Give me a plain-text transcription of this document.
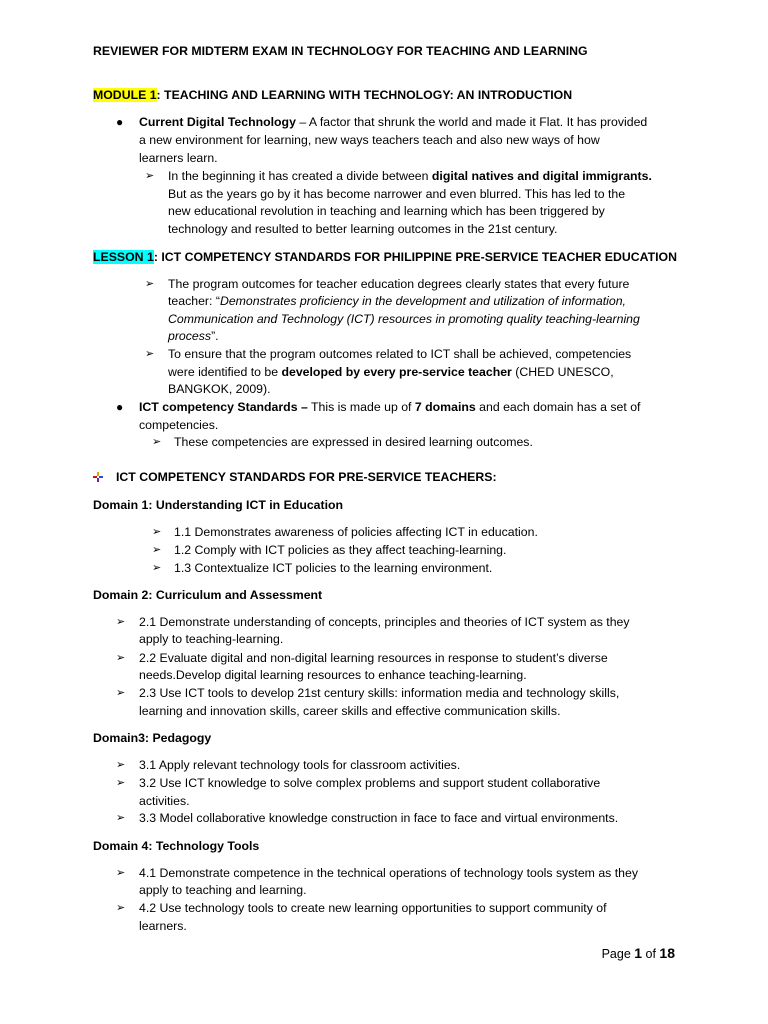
REVIEWER FOR MIDTERM EXAM IN TECHNOLOGY FOR TEACHING AND LEARNING
MODULE 1: TEACHING AND LEARNING WITH TECHNOLOGY: AN INTRODUCTION
● Current Digital Technology – A factor that shrunk the world and made it Flat. It has provided
a new environment for learning, new ways teachers teach and also new ways of how
learners learn.
➢ In the beginning it has created a divide between digital natives and digital immigrants.
But as the years go by it has become narrower and even blurred. This has led to the
new educational revolution in teaching and learning which has been triggered by
technology and resulted to better learning outcomes in the 21st century.
LESSON 1: ICT COMPETENCY STANDARDS FOR PHILIPPINE PRE-SERVICE TEACHER EDUCATION
➢ The program outcomes for teacher education degrees clearly states that every future
teacher: “Demonstrates proficiency in the development and utilization of information,
Communication and Technology (ICT) resources in promoting quality teaching-learning
process”.
➢ To ensure that the program outcomes related to ICT shall be achieved, competencies
were identified to be developed by every pre-service teacher (CHED UNESCO,
BANGKOK, 2009).
● ICT competency Standards – This is made up of 7 domains and each domain has a set of
competencies.
➢ These competencies are expressed in desired learning outcomes.
ICT COMPETENCY STANDARDS FOR PRE-SERVICE TEACHERS:
Domain 1: Understanding ICT in Education
➢ 1.1 Demonstrates awareness of policies affecting ICT in education.
➢ 1.2 Comply with ICT policies as they affect teaching-learning.
➢ 1.3 Contextualize ICT policies to the learning environment.
Domain 2: Curriculum and Assessment
➢ 2.1 Demonstrate understanding of concepts, principles and theories of ICT system as they
apply to teaching-learning.
➢ 2.2 Evaluate digital and non-digital learning resources in response to student’s diverse
needs.Develop digital learning resources to enhance teaching-learning.
➢ 2.3 Use ICT tools to develop 21st century skills: information media and technology skills,
learning and innovation skills, career skills and effective communication skills.
Domain3: Pedagogy
➢ 3.1 Apply relevant technology tools for classroom activities.
➢ 3.2 Use ICT knowledge to solve complex problems and support student collaborative
activities.
➢ 3.3 Model collaborative knowledge construction in face to face and virtual environments.
Domain 4: Technology Tools
➢ 4.1 Demonstrate competence in the technical operations of technology tools system as they
apply to teaching and learning.
➢ 4.2 Use technology tools to create new learning opportunities to support community of
learners.
Page 1 of 18
